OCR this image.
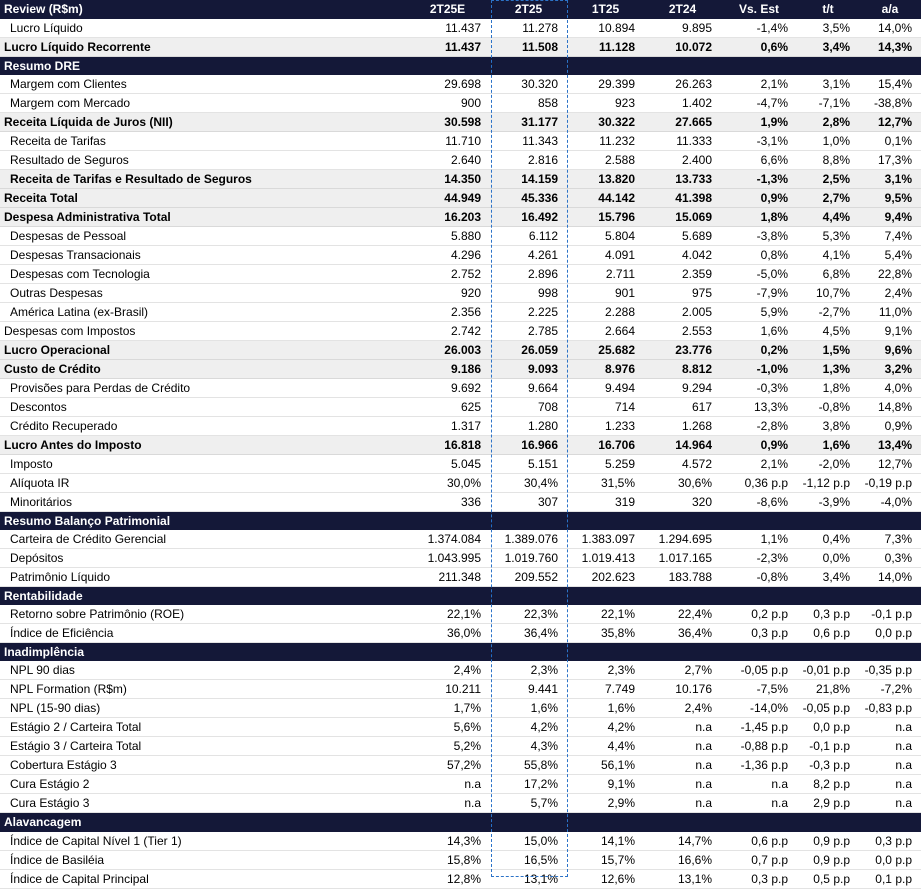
Review (R$m)	2T25E	2T25	1T25	2T24	Vs. Est	t/t	a/a
Lucro Líquido	11.437	11.278	10.894	9.895	-1,4%	3,5%	14,0%
Lucro Líquido Recorrente	11.437	11.508	11.128	10.072	0,6%	3,4%	14,3%
Resumo DRE							
Margem com Clientes	29.698	30.320	29.399	26.263	2,1%	3,1%	15,4%
Margem com Mercado	900	858	923	1.402	-4,7%	-7,1%	-38,8%
Receita Líquida de Juros (NII)	30.598	31.177	30.322	27.665	1,9%	2,8%	12,7%
Receita de Tarifas	11.710	11.343	11.232	11.333	-3,1%	1,0%	0,1%
Resultado de Seguros	2.640	2.816	2.588	2.400	6,6%	8,8%	17,3%
Receita de Tarifas e Resultado de Seguros	14.350	14.159	13.820	13.733	-1,3%	2,5%	3,1%
Receita Total	44.949	45.336	44.142	41.398	0,9%	2,7%	9,5%
Despesa Administrativa Total	16.203	16.492	15.796	15.069	1,8%	4,4%	9,4%
Despesas de Pessoal	5.880	6.112	5.804	5.689	-3,8%	5,3%	7,4%
Despesas Transacionais	4.296	4.261	4.091	4.042	0,8%	4,1%	5,4%
Despesas com Tecnologia	2.752	2.896	2.711	2.359	-5,0%	6,8%	22,8%
Outras Despesas	920	998	901	975	-7,9%	10,7%	2,4%
América Latina (ex-Brasil)	2.356	2.225	2.288	2.005	5,9%	-2,7%	11,0%
Despesas com Impostos	2.742	2.785	2.664	2.553	1,6%	4,5%	9,1%
Lucro Operacional	26.003	26.059	25.682	23.776	0,2%	1,5%	9,6%
Custo de Crédito	9.186	9.093	8.976	8.812	-1,0%	1,3%	3,2%
Provisões para Perdas de Crédito	9.692	9.664	9.494	9.294	-0,3%	1,8%	4,0%
Descontos	625	708	714	617	13,3%	-0,8%	14,8%
Crédito Recuperado	1.317	1.280	1.233	1.268	-2,8%	3,8%	0,9%
Lucro Antes do Imposto	16.818	16.966	16.706	14.964	0,9%	1,6%	13,4%
Imposto	5.045	5.151	5.259	4.572	2,1%	-2,0%	12,7%
Alíquota IR	30,0%	30,4%	31,5%	30,6%	0,36 p.p	-1,12 p.p	-0,19 p.p
Minoritários	336	307	319	320	-8,6%	-3,9%	-4,0%
Resumo Balanço Patrimonial							
Carteira de Crédito Gerencial	1.374.084	1.389.076	1.383.097	1.294.695	1,1%	0,4%	7,3%
Depósitos	1.043.995	1.019.760	1.019.413	1.017.165	-2,3%	0,0%	0,3%
Patrimônio Líquido	211.348	209.552	202.623	183.788	-0,8%	3,4%	14,0%
Rentabilidade							
Retorno sobre Patrimônio (ROE)	22,1%	22,3%	22,1%	22,4%	0,2 p.p	0,3 p.p	-0,1 p.p
Índice de Eficiência	36,0%	36,4%	35,8%	36,4%	0,3 p.p	0,6 p.p	0,0 p.p
Inadimplência							
NPL 90 dias	2,4%	2,3%	2,3%	2,7%	-0,05 p.p	-0,01 p.p	-0,35 p.p
NPL Formation (R$m)	10.211	9.441	7.749	10.176	-7,5%	21,8%	-7,2%
NPL (15-90 dias)	1,7%	1,6%	1,6%	2,4%	-14,0%	-0,05 p.p	-0,83 p.p
Estágio 2 / Carteira Total	5,6%	4,2%	4,2%	n.a	-1,45 p.p	0,0 p.p	n.a
Estágio 3 / Carteira Total	5,2%	4,3%	4,4%	n.a	-0,88 p.p	-0,1 p.p	n.a
Cobertura Estágio 3	57,2%	55,8%	56,1%	n.a	-1,36 p.p	-0,3 p.p	n.a
Cura Estágio 2	n.a	17,2%	9,1%	n.a	n.a	8,2 p.p	n.a
Cura Estágio 3	n.a	5,7%	2,9%	n.a	n.a	2,9 p.p	n.a
Alavancagem							
Índice de Capital Nível 1 (Tier 1)	14,3%	15,0%	14,1%	14,7%	0,6 p.p	0,9 p.p	0,3 p.p
Índice de Basiléia	15,8%	16,5%	15,7%	16,6%	0,7 p.p	0,9 p.p	0,0 p.p
Índice de Capital Principal	12,8%	13,1%	12,6%	13,1%	0,3 p.p	0,5 p.p	0,1 p.p
